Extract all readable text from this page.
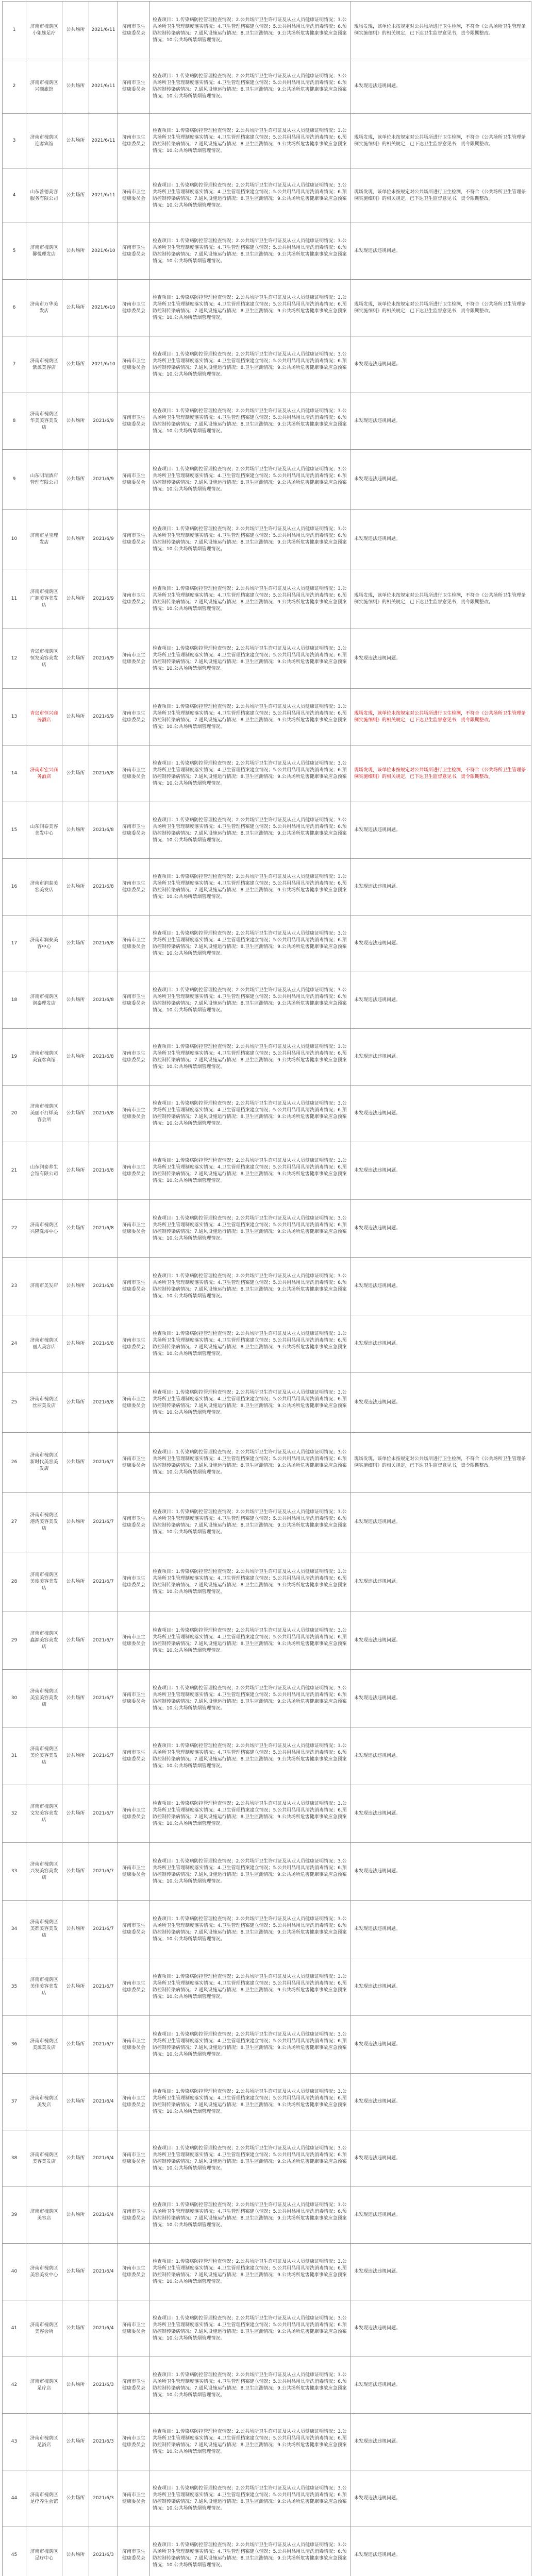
1	济南市槐荫区小姐妹足疗	公共场所	2021/6/11	济南市卫生健康委员会	检查项目：1.传染病防控管理检查情况；2.公共场所卫生许可证及从业人员健康证明情况；3.公共场所卫生管理制度落实情况；4.卫生管理档案建立情况；5.公共用品用具清洗消毒情况；6.预防控制传染病情况；7.通风设施运行情况；8.卫生监测情况；9.公共场所危害健康事故应急预案情况；10.公共场所禁烟管理情况。	现场发现，该单位未按规定对公共场所进行卫生检测，不符合《公共场所卫生管理条例实施细则》的相关规定，已下达卫生监督意见书，责令限期整改。
2	济南市槐荫区兴顺旅馆	公共场所	2021/6/11	济南市卫生健康委员会	检查项目：1.传染病防控管理检查情况；2.公共场所卫生许可证及从业人员健康证明情况；3.公共场所卫生管理制度落实情况；4.卫生管理档案建立情况；5.公共用品用具清洗消毒情况；6.预防控制传染病情况；7.通风设施运行情况；8.卫生监测情况；9.公共场所危害健康事故应急预案情况；10.公共场所禁烟管理情况。	未发现违法违规问题。
3	济南市槐荫区迎客宾馆	公共场所	2021/6/11	济南市卫生健康委员会	检查项目：1.传染病防控管理检查情况；2.公共场所卫生许可证及从业人员健康证明情况；3.公共场所卫生管理制度落实情况；4.卫生管理档案建立情况；5.公共用品用具清洗消毒情况；6.预防控制传染病情况；7.通风设施运行情况；8.卫生监测情况；9.公共场所危害健康事故应急预案情况；10.公共场所禁烟管理情况。	现场发现，该单位未按规定对公共场所进行卫生检测，不符合《公共场所卫生管理条例实施细则》的相关规定，已下达卫生监督意见书，责令限期整改。
4	山东善德美容服务有限公司	公共场所	2021/6/11	济南市卫生健康委员会	检查项目：1.传染病防控管理检查情况；2.公共场所卫生许可证及从业人员健康证明情况；3.公共场所卫生管理制度落实情况；4.卫生管理档案建立情况；5.公共用品用具清洗消毒情况；6.预防控制传染病情况；7.通风设施运行情况；8.卫生监测情况；9.公共场所危害健康事故应急预案情况；10.公共场所禁烟管理情况。	现场发现，该单位未按规定对公共场所进行卫生检测，不符合《公共场所卫生管理条例实施细则》的相关规定，已下达卫生监督意见书，责令限期整改。
5	济南市槐荫区馨悦理发店	公共场所	2021/6/10	济南市卫生健康委员会	检查项目：1.传染病防控管理检查情况；2.公共场所卫生许可证及从业人员健康证明情况；3.公共场所卫生管理制度落实情况；4.卫生管理档案建立情况；5.公共用品用具清洗消毒情况；6.预防控制传染病情况；7.通风设施运行情况；8.卫生监测情况；9.公共场所危害健康事故应急预案情况；10.公共场所禁烟管理情况。	未发现违法违规问题。
6	济南市万华美发店	公共场所	2021/6/10	济南市卫生健康委员会	检查项目：1.传染病防控管理检查情况；2.公共场所卫生许可证及从业人员健康证明情况；3.公共场所卫生管理制度落实情况；4.卫生管理档案建立情况；5.公共用品用具清洗消毒情况；6.预防控制传染病情况；7.通风设施运行情况；8.卫生监测情况；9.公共场所危害健康事故应急预案情况；10.公共场所禁烟管理情况。	现场发现，该单位未按规定对公共场所进行卫生检测，不符合《公共场所卫生管理条例实施细则》的相关规定，已下达卫生监督意见书，责令限期整改。
7	济南市槐荫区紫源美容店	公共场所	2021/6/10	济南市卫生健康委员会	检查项目：1.传染病防控管理检查情况；2.公共场所卫生许可证及从业人员健康证明情况；3.公共场所卫生管理制度落实情况；4.卫生管理档案建立情况；5.公共用品用具清洗消毒情况；6.预防控制传染病情况；7.通风设施运行情况；8.卫生监测情况；9.公共场所危害健康事故应急预案情况；10.公共场所禁烟管理情况。	未发现违法违规问题。
8	济南市槐荫区华美美容美发店	公共场所	2021/6/9	济南市卫生健康委员会	检查项目：1.传染病防控管理检查情况；2.公共场所卫生许可证及从业人员健康证明情况；3.公共场所卫生管理制度落实情况；4.卫生管理档案建立情况；5.公共用品用具清洗消毒情况；6.预防控制传染病情况；7.通风设施运行情况；8.卫生监测情况；9.公共场所危害健康事故应急预案情况；10.公共场所禁烟管理情况。	未发现违法违规问题。
9	山东明瑞酒店管理有限公司	公共场所	2021/6/9	济南市卫生健康委员会	检查项目：1.传染病防控管理检查情况；2.公共场所卫生许可证及从业人员健康证明情况；3.公共场所卫生管理制度落实情况；4.卫生管理档案建立情况；5.公共用品用具清洗消毒情况；6.预防控制传染病情况；7.通风设施运行情况；8.卫生监测情况；9.公共场所危害健康事故应急预案情况；10.公共场所禁烟管理情况。	未发现违法违规问题。
10	济南市星宝理发店	公共场所	2021/6/9	济南市卫生健康委员会	检查项目：1.传染病防控管理检查情况；2.公共场所卫生许可证及从业人员健康证明情况；3.公共场所卫生管理制度落实情况；4.卫生管理档案建立情况；5.公共用品用具清洗消毒情况；6.预防控制传染病情况；7.通风设施运行情况；8.卫生监测情况；9.公共场所危害健康事故应急预案情况；10.公共场所禁烟管理情况。	未发现违法违规问题。
11	济南市槐荫区广源美容美发店	公共场所	2021/6/9	济南市卫生健康委员会	检查项目：1.传染病防控管理检查情况；2.公共场所卫生许可证及从业人员健康证明情况；3.公共场所卫生管理制度落实情况；4.卫生管理档案建立情况；5.公共用品用具清洗消毒情况；6.预防控制传染病情况；7.通风设施运行情况；8.卫生监测情况；9.公共场所危害健康事故应急预案情况；10.公共场所禁烟管理情况。	现场发现，该单位未按规定对公共场所进行卫生检测，不符合《公共场所卫生管理条例实施细则》的相关规定，已下达卫生监督意见书，责令限期整改。
12	青岛市槐荫区恒发美容美发店	公共场所	2021/6/9	济南市卫生健康委员会	检查项目：1.传染病防控管理检查情况；2.公共场所卫生许可证及从业人员健康证明情况；3.公共场所卫生管理制度落实情况；4.卫生管理档案建立情况；5.公共用品用具清洗消毒情况；6.预防控制传染病情况；7.通风设施运行情况；8.卫生监测情况；9.公共场所危害健康事故应急预案情况；10.公共场所禁烟管理情况。	未发现违法违规问题。
13	青岛市恒兴商务酒店	公共场所	2021/6/9	济南市卫生健康委员会	检查项目：1.传染病防控管理检查情况；2.公共场所卫生许可证及从业人员健康证明情况；3.公共场所卫生管理制度落实情况；4.卫生管理档案建立情况；5.公共用品用具清洗消毒情况；6.预防控制传染病情况；7.通风设施运行情况；8.卫生监测情况；9.公共场所危害健康事故应急预案情况；10.公共场所禁烟管理情况。	现场发现，该单位未按规定对公共场所进行卫生检测，不符合《公共场所卫生管理条例实施细则》的相关规定，已下达卫生监督意见书，责令限期整改。
14	济南市宏兴商务酒店	公共场所	2021/6/8	济南市卫生健康委员会	检查项目：1.传染病防控管理检查情况；2.公共场所卫生许可证及从业人员健康证明情况；3.公共场所卫生管理制度落实情况；4.卫生管理档案建立情况；5.公共用品用具清洗消毒情况；6.预防控制传染病情况；7.通风设施运行情况；8.卫生监测情况；9.公共场所危害健康事故应急预案情况；10.公共场所禁烟管理情况。	现场发现，该单位未按规定对公共场所进行卫生检测，不符合《公共场所卫生管理条例实施细则》的相关规定，已下达卫生监督意见书，责令限期整改。
15	山东润泰美容美发中心	公共场所	2021/6/8	济南市卫生健康委员会	检查项目：1.传染病防控管理检查情况；2.公共场所卫生许可证及从业人员健康证明情况；3.公共场所卫生管理制度落实情况；4.卫生管理档案建立情况；5.公共用品用具清洗消毒情况；6.预防控制传染病情况；7.通风设施运行情况；8.卫生监测情况；9.公共场所危害健康事故应急预案情况；10.公共场所禁烟管理情况。	未发现违法违规问题。
16	济南市润泰美容美发店	公共场所	2021/6/8	济南市卫生健康委员会	检查项目：1.传染病防控管理检查情况；2.公共场所卫生许可证及从业人员健康证明情况；3.公共场所卫生管理制度落实情况；4.卫生管理档案建立情况；5.公共用品用具清洗消毒情况；6.预防控制传染病情况；7.通风设施运行情况；8.卫生监测情况；9.公共场所危害健康事故应急预案情况；10.公共场所禁烟管理情况。	未发现违法违规问题。
17	济南市润泰美容中心	公共场所	2021/6/8	济南市卫生健康委员会	检查项目：1.传染病防控管理检查情况；2.公共场所卫生许可证及从业人员健康证明情况；3.公共场所卫生管理制度落实情况；4.卫生管理档案建立情况；5.公共用品用具清洗消毒情况；6.预防控制传染病情况；7.通风设施运行情况；8.卫生监测情况；9.公共场所危害健康事故应急预案情况；10.公共场所禁烟管理情况。	未发现违法违规问题。
18	济南市槐荫区润泰理发店	公共场所	2021/6/8	济南市卫生健康委员会	检查项目：1.传染病防控管理检查情况；2.公共场所卫生许可证及从业人员健康证明情况；3.公共场所卫生管理制度落实情况；4.卫生管理档案建立情况；5.公共用品用具清洗消毒情况；6.预防控制传染病情况；7.通风设施运行情况；8.卫生监测情况；9.公共场所危害健康事故应急预案情况；10.公共场所禁烟管理情况。	未发现违法违规问题。
19	济南市槐荫区美宜客宾馆	公共场所	2021/6/8	济南市卫生健康委员会	检查项目：1.传染病防控管理检查情况；2.公共场所卫生许可证及从业人员健康证明情况；3.公共场所卫生管理制度落实情况；4.卫生管理档案建立情况；5.公共用品用具清洗消毒情况；6.预防控制传染病情况；7.通风设施运行情况；8.卫生监测情况；9.公共场所危害健康事故应急预案情况；10.公共场所禁烟管理情况。	未发现违法违规问题。
20	济南市槐荫区美丽不打烊美容会所	公共场所	2021/6/8	济南市卫生健康委员会	检查项目：1.传染病防控管理检查情况；2.公共场所卫生许可证及从业人员健康证明情况；3.公共场所卫生管理制度落实情况；4.卫生管理档案建立情况；5.公共用品用具清洗消毒情况；6.预防控制传染病情况；7.通风设施运行情况；8.卫生监测情况；9.公共场所危害健康事故应急预案情况；10.公共场所禁烟管理情况。	未发现违法违规问题。
21	山东润泰养生会馆有限公司	公共场所	2021/6/8	济南市卫生健康委员会	检查项目：1.传染病防控管理检查情况；2.公共场所卫生许可证及从业人员健康证明情况；3.公共场所卫生管理制度落实情况；4.卫生管理档案建立情况；5.公共用品用具清洗消毒情况；6.预防控制传染病情况；7.通风设施运行情况；8.卫生监测情况；9.公共场所危害健康事故应急预案情况；10.公共场所禁烟管理情况。	未发现违法违规问题。
22	济南市槐荫区兴隆洗浴中心	公共场所	2021/6/8	济南市卫生健康委员会	检查项目：1.传染病防控管理检查情况；2.公共场所卫生许可证及从业人员健康证明情况；3.公共场所卫生管理制度落实情况；4.卫生管理档案建立情况；5.公共用品用具清洗消毒情况；6.预防控制传染病情况；7.通风设施运行情况；8.卫生监测情况；9.公共场所危害健康事故应急预案情况；10.公共场所禁烟管理情况。	未发现违法违规问题。
23	济南市美发店	公共场所	2021/6/8	济南市卫生健康委员会	检查项目：1.传染病防控管理检查情况；2.公共场所卫生许可证及从业人员健康证明情况；3.公共场所卫生管理制度落实情况；4.卫生管理档案建立情况；5.公共用品用具清洗消毒情况；6.预防控制传染病情况；7.通风设施运行情况；8.卫生监测情况；9.公共场所危害健康事故应急预案情况；10.公共场所禁烟管理情况。	未发现违法违规问题。
24	济南市槐荫区丽人美容店	公共场所	2021/6/8	济南市卫生健康委员会	检查项目：1.传染病防控管理检查情况；2.公共场所卫生许可证及从业人员健康证明情况；3.公共场所卫生管理制度落实情况；4.卫生管理档案建立情况；5.公共用品用具清洗消毒情况；6.预防控制传染病情况；7.通风设施运行情况；8.卫生监测情况；9.公共场所危害健康事故应急预案情况；10.公共场所禁烟管理情况。	未发现违法违规问题。
25	济南市槐荫区丝丽美发店	公共场所	2021/6/8	济南市卫生健康委员会	检查项目：1.传染病防控管理检查情况；2.公共场所卫生许可证及从业人员健康证明情况；3.公共场所卫生管理制度落实情况；4.卫生管理档案建立情况；5.公共用品用具清洗消毒情况；6.预防控制传染病情况；7.通风设施运行情况；8.卫生监测情况；9.公共场所危害健康事故应急预案情况；10.公共场所禁烟管理情况。	未发现违法违规问题。
26	济南市槐荫区新时代美容美发店	公共场所	2021/6/7	济南市卫生健康委员会	检查项目：1.传染病防控管理检查情况；2.公共场所卫生许可证及从业人员健康证明情况；3.公共场所卫生管理制度落实情况；4.卫生管理档案建立情况；5.公共用品用具清洗消毒情况；6.预防控制传染病情况；7.通风设施运行情况；8.卫生监测情况；9.公共场所危害健康事故应急预案情况；10.公共场所禁烟管理情况。	现场发现，该单位未按规定对公共场所进行卫生检测，不符合《公共场所卫生管理条例实施细则》的相关规定，已下达卫生监督意见书，责令限期整改。
27	济南市槐荫区港湾美容美发店	公共场所	2021/6/7	济南市卫生健康委员会	检查项目：1.传染病防控管理检查情况；2.公共场所卫生许可证及从业人员健康证明情况；3.公共场所卫生管理制度落实情况；4.卫生管理档案建立情况；5.公共用品用具清洗消毒情况；6.预防控制传染病情况；7.通风设施运行情况；8.卫生监测情况；9.公共场所危害健康事故应急预案情况；10.公共场所禁烟管理情况。	未发现违法违规问题。
28	济南市槐荫区美度美容美发店	公共场所	2021/6/7	济南市卫生健康委员会	检查项目：1.传染病防控管理检查情况；2.公共场所卫生许可证及从业人员健康证明情况；3.公共场所卫生管理制度落实情况；4.卫生管理档案建立情况；5.公共用品用具清洗消毒情况；6.预防控制传染病情况；7.通风设施运行情况；8.卫生监测情况；9.公共场所危害健康事故应急预案情况；10.公共场所禁烟管理情况。	未发现违法违规问题。
29	济南市槐荫区鑫源美容美发店	公共场所	2021/6/7	济南市卫生健康委员会	检查项目：1.传染病防控管理检查情况；2.公共场所卫生许可证及从业人员健康证明情况；3.公共场所卫生管理制度落实情况；4.卫生管理档案建立情况；5.公共用品用具清洗消毒情况；6.预防控制传染病情况；7.通风设施运行情况；8.卫生监测情况；9.公共场所危害健康事故应急预案情况；10.公共场所禁烟管理情况。	未发现违法违规问题。
30	济南市槐荫区美宜美容美发店	公共场所	2021/6/7	济南市卫生健康委员会	检查项目：1.传染病防控管理检查情况；2.公共场所卫生许可证及从业人员健康证明情况；3.公共场所卫生管理制度落实情况；4.卫生管理档案建立情况；5.公共用品用具清洗消毒情况；6.预防控制传染病情况；7.通风设施运行情况；8.卫生监测情况；9.公共场所危害健康事故应急预案情况；10.公共场所禁烟管理情况。	未发现违法违规问题。
31	济南市槐荫区美伦美容美发店	公共场所	2021/6/7	济南市卫生健康委员会	检查项目：1.传染病防控管理检查情况；2.公共场所卫生许可证及从业人员健康证明情况；3.公共场所卫生管理制度落实情况；4.卫生管理档案建立情况；5.公共用品用具清洗消毒情况；6.预防控制传染病情况；7.通风设施运行情况；8.卫生监测情况；9.公共场所危害健康事故应急预案情况；10.公共场所禁烟管理情况。	未发现违法违规问题。
32	济南市槐荫区文发美容美发店	公共场所	2021/6/7	济南市卫生健康委员会	检查项目：1.传染病防控管理检查情况；2.公共场所卫生许可证及从业人员健康证明情况；3.公共场所卫生管理制度落实情况；4.卫生管理档案建立情况；5.公共用品用具清洗消毒情况；6.预防控制传染病情况；7.通风设施运行情况；8.卫生监测情况；9.公共场所危害健康事故应急预案情况；10.公共场所禁烟管理情况。	未发现违法违规问题。
33	济南市槐荫区兴发美容美发店	公共场所	2021/6/7	济南市卫生健康委员会	检查项目：1.传染病防控管理检查情况；2.公共场所卫生许可证及从业人员健康证明情况；3.公共场所卫生管理制度落实情况；4.卫生管理档案建立情况；5.公共用品用具清洗消毒情况；6.预防控制传染病情况；7.通风设施运行情况；8.卫生监测情况；9.公共场所危害健康事故应急预案情况；10.公共场所禁烟管理情况。	未发现违法违规问题。
34	济南市槐荫区美都美容美发店	公共场所	2021/6/7	济南市卫生健康委员会	检查项目：1.传染病防控管理检查情况；2.公共场所卫生许可证及从业人员健康证明情况；3.公共场所卫生管理制度落实情况；4.卫生管理档案建立情况；5.公共用品用具清洗消毒情况；6.预防控制传染病情况；7.通风设施运行情况；8.卫生监测情况；9.公共场所危害健康事故应急预案情况；10.公共场所禁烟管理情况。	未发现违法违规问题。
35	济南市槐荫区美佳美容美发店	公共场所	2021/6/7	济南市卫生健康委员会	检查项目：1.传染病防控管理检查情况；2.公共场所卫生许可证及从业人员健康证明情况；3.公共场所卫生管理制度落实情况；4.卫生管理档案建立情况；5.公共用品用具清洗消毒情况；6.预防控制传染病情况；7.通风设施运行情况；8.卫生监测情况；9.公共场所危害健康事故应急预案情况；10.公共场所禁烟管理情况。	未发现违法违规问题。
36	济南市槐荫区美源美发店	公共场所	2021/6/7	济南市卫生健康委员会	检查项目：1.传染病防控管理检查情况；2.公共场所卫生许可证及从业人员健康证明情况；3.公共场所卫生管理制度落实情况；4.卫生管理档案建立情况；5.公共用品用具清洗消毒情况；6.预防控制传染病情况；7.通风设施运行情况；8.卫生监测情况；9.公共场所危害健康事故应急预案情况；10.公共场所禁烟管理情况。	未发现违法违规问题。
37	济南市槐荫区美发店	公共场所	2021/6/4	济南市卫生健康委员会	检查项目：1.传染病防控管理检查情况；2.公共场所卫生许可证及从业人员健康证明情况；3.公共场所卫生管理制度落实情况；4.卫生管理档案建立情况；5.公共用品用具清洗消毒情况；6.预防控制传染病情况；7.通风设施运行情况；8.卫生监测情况；9.公共场所危害健康事故应急预案情况；10.公共场所禁烟管理情况。	未发现违法违规问题。
38	济南市槐荫区美容美发店	公共场所	2021/6/4	济南市卫生健康委员会	检查项目：1.传染病防控管理检查情况；2.公共场所卫生许可证及从业人员健康证明情况；3.公共场所卫生管理制度落实情况；4.卫生管理档案建立情况；5.公共用品用具清洗消毒情况；6.预防控制传染病情况；7.通风设施运行情况；8.卫生监测情况；9.公共场所危害健康事故应急预案情况；10.公共场所禁烟管理情况。	未发现违法违规问题。
39	济南市槐荫区美容店	公共场所	2021/6/4	济南市卫生健康委员会	检查项目：1.传染病防控管理检查情况；2.公共场所卫生许可证及从业人员健康证明情况；3.公共场所卫生管理制度落实情况；4.卫生管理档案建立情况；5.公共用品用具清洗消毒情况；6.预防控制传染病情况；7.通风设施运行情况；8.卫生监测情况；9.公共场所危害健康事故应急预案情况；10.公共场所禁烟管理情况。	未发现违法违规问题。
40	济南市槐荫区美容美发中心	公共场所	2021/6/4	济南市卫生健康委员会	检查项目：1.传染病防控管理检查情况；2.公共场所卫生许可证及从业人员健康证明情况；3.公共场所卫生管理制度落实情况；4.卫生管理档案建立情况；5.公共用品用具清洗消毒情况；6.预防控制传染病情况；7.通风设施运行情况；8.卫生监测情况；9.公共场所危害健康事故应急预案情况；10.公共场所禁烟管理情况。	未发现违法违规问题。
41	济南市槐荫区美容会所	公共场所	2021/6/4	济南市卫生健康委员会	检查项目：1.传染病防控管理检查情况；2.公共场所卫生许可证及从业人员健康证明情况；3.公共场所卫生管理制度落实情况；4.卫生管理档案建立情况；5.公共用品用具清洗消毒情况；6.预防控制传染病情况；7.通风设施运行情况；8.卫生监测情况；9.公共场所危害健康事故应急预案情况；10.公共场所禁烟管理情况。	未发现违法违规问题。
42	济南市槐荫区足疗店	公共场所	2021/6/3	济南市卫生健康委员会	检查项目：1.传染病防控管理检查情况；2.公共场所卫生许可证及从业人员健康证明情况；3.公共场所卫生管理制度落实情况；4.卫生管理档案建立情况；5.公共用品用具清洗消毒情况；6.预防控制传染病情况；7.通风设施运行情况；8.卫生监测情况；9.公共场所危害健康事故应急预案情况；10.公共场所禁烟管理情况。	未发现违法违规问题。
43	济南市槐荫区足浴店	公共场所	2021/6/3	济南市卫生健康委员会	检查项目：1.传染病防控管理检查情况；2.公共场所卫生许可证及从业人员健康证明情况；3.公共场所卫生管理制度落实情况；4.卫生管理档案建立情况；5.公共用品用具清洗消毒情况；6.预防控制传染病情况；7.通风设施运行情况；8.卫生监测情况；9.公共场所危害健康事故应急预案情况；10.公共场所禁烟管理情况。	未发现违法违规问题。
44	济南市槐荫区足疗养生会馆	公共场所	2021/6/3	济南市卫生健康委员会	检查项目：1.传染病防控管理检查情况；2.公共场所卫生许可证及从业人员健康证明情况；3.公共场所卫生管理制度落实情况；4.卫生管理档案建立情况；5.公共用品用具清洗消毒情况；6.预防控制传染病情况；7.通风设施运行情况；8.卫生监测情况；9.公共场所危害健康事故应急预案情况；10.公共场所禁烟管理情况。	未发现违法违规问题。
45	济南市槐荫区足疗中心	公共场所	2021/6/3	济南市卫生健康委员会	检查项目：1.传染病防控管理检查情况；2.公共场所卫生许可证及从业人员健康证明情况；3.公共场所卫生管理制度落实情况；4.卫生管理档案建立情况；5.公共用品用具清洗消毒情况；6.预防控制传染病情况；7.通风设施运行情况；8.卫生监测情况；9.公共场所危害健康事故应急预案情况；10.公共场所禁烟管理情况。	未发现违法违规问题。
